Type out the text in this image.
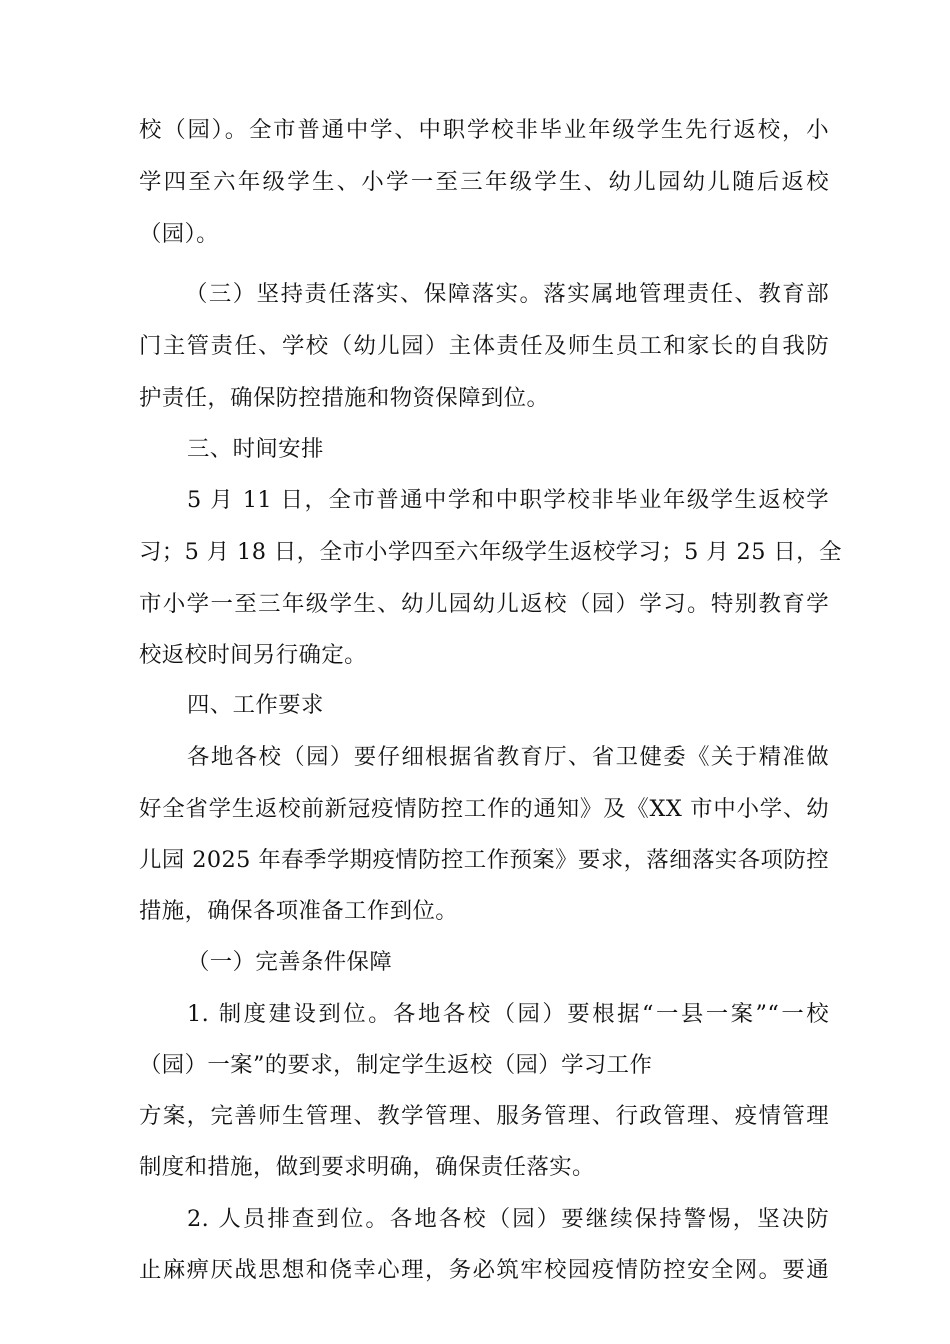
校（园）。全市普通中学、中职学校非毕业年级学生先行返校，小
学四至六年级学生、小学一至三年级学生、幼儿园幼儿随后返校
（园）。
（三）坚持责任落实、保障落实。落实属地管理责任、教育部
门主管责任、学校（幼儿园）主体责任及师生员工和家长的自我防
护责任，确保防控措施和物资保障到位。
三、时间安排
5 月 11 日，全市普通中学和中职学校非毕业年级学生返校学
习；5 月 18 日，全市小学四至六年级学生返校学习；5 月 25 日，全
市小学一至三年级学生、幼儿园幼儿返校（园）学习。特别教育学
校返校时间另行确定。
四、工作要求
各地各校（园）要仔细根据省教育厅、省卫健委《关于精准做
好全省学生返校前新冠疫情防控工作的通知》及《XX 市中小学、幼
儿园 2025 年春季学期疫情防控工作预案》要求，落细落实各项防控
措施，确保各项准备工作到位。
（一）完善条件保障
1. 制度建设到位。各地各校（园）要根据“一县一案”“一校
（园）一案”的要求，制定学生返校（园）学习工作
方案，完善师生管理、教学管理、服务管理、行政管理、疫情管理
制度和措施，做到要求明确，确保责任落实。
2. 人员排查到位。各地各校（园）要继续保持警惕，坚决防
止麻痹厌战思想和侥幸心理，务必筑牢校园疫情防控安全网。要通
